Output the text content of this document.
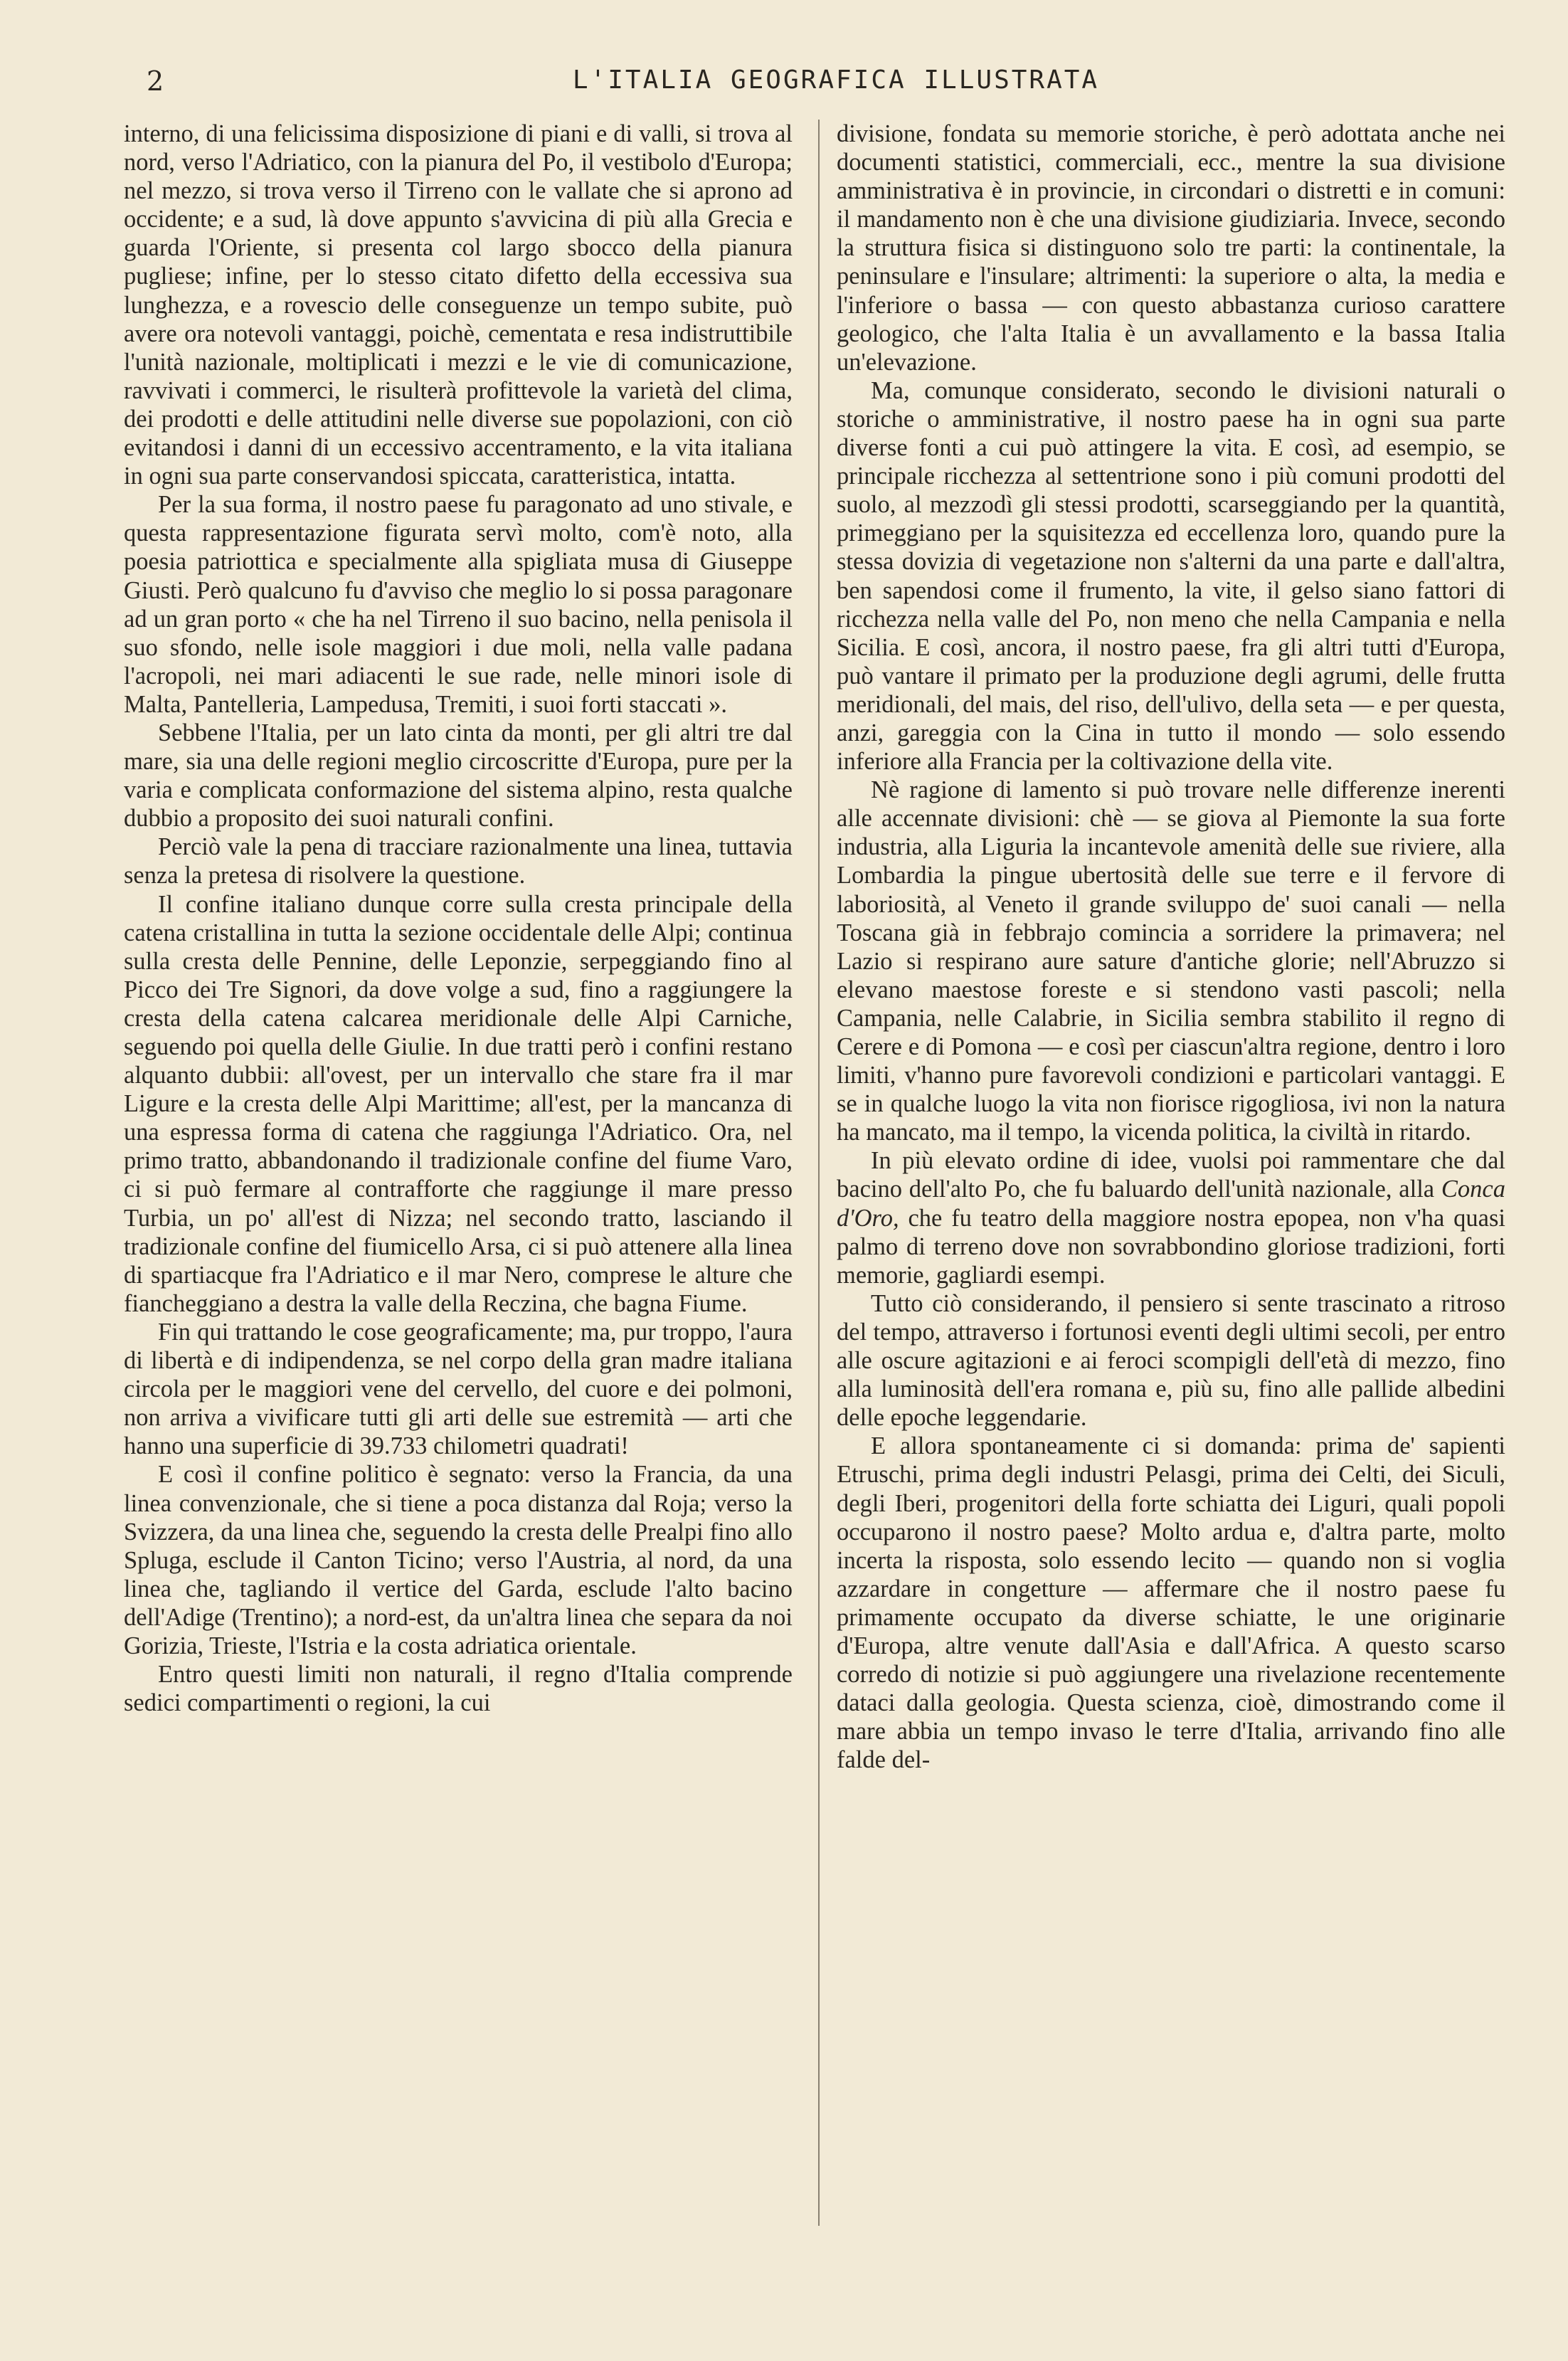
2	L'ITALIA GEOGRAFICA ILLUSTRATA

interno, di una felicissima disposizione di piani e di valli, si trova al nord, verso l'Adriatico, con la pianura del Po, il vestibolo d'Europa; nel mezzo, si trova verso il Tirreno con le vallate che si aprono ad occidente; e a sud, là dove appunto s'avvicina di più alla Grecia e guarda l'Oriente, si presenta col largo sbocco della pianura pugliese; infine, per lo stesso citato difetto della eccessiva sua lunghezza, e a rovescio delle conseguenze un tempo subite, può avere ora notevoli vantaggi, poichè, cementata e resa indistruttibile l'unità nazionale, moltiplicati i mezzi e le vie di comunicazione, ravvivati i commerci, le risulterà profittevole la varietà del clima, dei prodotti e delle attitudini nelle diverse sue popolazioni, con ciò evitandosi i danni di un eccessivo accentramento, e la vita italiana in ogni sua parte conservandosi spiccata, caratteristica, intatta.

Per la sua forma, il nostro paese fu paragonato ad uno stivale, e questa rappresentazione figurata servì molto, com'è noto, alla poesia patriottica e specialmente alla spigliata musa di Giuseppe Giusti. Però qualcuno fu d'avviso che meglio lo si possa paragonare ad un gran porto « che ha nel Tirreno il suo bacino, nella penisola il suo sfondo, nelle isole maggiori i due moli, nella valle padana l'acropoli, nei mari adiacenti le sue rade, nelle minori isole di Malta, Pantelleria, Lampedusa, Tremiti, i suoi forti staccati ».

Sebbene l'Italia, per un lato cinta da monti, per gli altri tre dal mare, sia una delle regioni meglio circoscritte d'Europa, pure per la varia e complicata conformazione del sistema alpino, resta qualche dubbio a proposito dei suoi naturali confini.

Perciò vale la pena di tracciare razionalmente una linea, tuttavia senza la pretesa di risolvere la questione.

Il confine italiano dunque corre sulla cresta principale della catena cristallina in tutta la sezione occidentale delle Alpi; continua sulla cresta delle Pennine, delle Leponzie, serpeggiando fino al Picco dei Tre Signori, da dove volge a sud, fino a raggiungere la cresta della catena calcarea meridionale delle Alpi Carniche, seguendo poi quella delle Giulie. In due tratti però i confini restano alquanto dubbii: all'ovest, per un intervallo che stare fra il mar Ligure e la cresta delle Alpi Marittime; all'est, per la mancanza di una espressa forma di catena che raggiunga l'Adriatico. Ora, nel primo tratto, abbandonando il tradizionale confine del fiume Varo, ci si può fermare al contrafforte che raggiunge il mare presso Turbia, un po' all'est di Nizza; nel secondo tratto, lasciando il tradizionale confine del fiumicello Arsa, ci si può attenere alla linea di spartiacque fra l'Adriatico e il mar Nero, comprese le alture che fiancheggiano a destra la valle della Reczina, che bagna Fiume.

Fin qui trattando le cose geograficamente; ma, pur troppo, l'aura di libertà e di indipendenza, se nel corpo della gran madre italiana circola per le maggiori vene del cervello, del cuore e dei polmoni, non arriva a vivificare tutti gli arti delle sue estremità — arti che hanno una superficie di 39.733 chilometri quadrati!

E così il confine politico è segnato: verso la Francia, da una linea convenzionale, che si tiene a poca distanza dal Roja; verso la Svizzera, da una linea che, seguendo la cresta delle Prealpi fino allo Spluga, esclude il Canton Ticino; verso l'Austria, al nord, da una linea che, tagliando il vertice del Garda, esclude l'alto bacino dell'Adige (Trentino); a nord-est, da un'altra linea che separa da noi Gorizia, Trieste, l'Istria e la costa adriatica orientale.

Entro questi limiti non naturali, il regno d'Italia comprende sedici compartimenti o regioni, la cui

divisione, fondata su memorie storiche, è però adottata anche nei documenti statistici, commerciali, ecc., mentre la sua divisione amministrativa è in provincie, in circondari o distretti e in comuni: il mandamento non è che una divisione giudiziaria. Invece, secondo la struttura fisica si distinguono solo tre parti: la continentale, la peninsulare e l'insulare; altrimenti: la superiore o alta, la media e l'inferiore o bassa — con questo abbastanza curioso carattere geologico, che l'alta Italia è un avvallamento e la bassa Italia un'elevazione.

Ma, comunque considerato, secondo le divisioni naturali o storiche o amministrative, il nostro paese ha in ogni sua parte diverse fonti a cui può attingere la vita. E così, ad esempio, se principale ricchezza al settentrione sono i più comuni prodotti del suolo, al mezzodì gli stessi prodotti, scarseggiando per la quantità, primeggiano per la squisitezza ed eccellenza loro, quando pure la stessa dovizia di vegetazione non s'alterni da una parte e dall'altra, ben sapendosi come il frumento, la vite, il gelso siano fattori di ricchezza nella valle del Po, non meno che nella Campania e nella Sicilia. E così, ancora, il nostro paese, fra gli altri tutti d'Europa, può vantare il primato per la produzione degli agrumi, delle frutta meridionali, del mais, del riso, dell'ulivo, della seta — e per questa, anzi, gareggia con la Cina in tutto il mondo — solo essendo inferiore alla Francia per la coltivazione della vite.

Nè ragione di lamento si può trovare nelle differenze inerenti alle accennate divisioni: chè — se giova al Piemonte la sua forte industria, alla Liguria la incantevole amenità delle sue riviere, alla Lombardia la pingue ubertosità delle sue terre e il fervore di laboriosità, al Veneto il grande sviluppo de' suoi canali — nella Toscana già in febbrajo comincia a sorridere la primavera; nel Lazio si respirano aure sature d'antiche glorie; nell'Abruzzo si elevano maestose foreste e si stendono vasti pascoli; nella Campania, nelle Calabrie, in Sicilia sembra stabilito il regno di Cerere e di Pomona — e così per ciascun'altra regione, dentro i loro limiti, v'hanno pure favorevoli condizioni e particolari vantaggi. E se in qualche luogo la vita non fiorisce rigogliosa, ivi non la natura ha mancato, ma il tempo, la vicenda politica, la civiltà in ritardo.

In più elevato ordine di idee, vuolsi poi rammentare che dal bacino dell'alto Po, che fu baluardo dell'unità nazionale, alla Conca d'Oro, che fu teatro della maggiore nostra epopea, non v'ha quasi palmo di terreno dove non sovrabbondino gloriose tradizioni, forti memorie, gagliardi esempi.

Tutto ciò considerando, il pensiero si sente trascinato a ritroso del tempo, attraverso i fortunosi eventi degli ultimi secoli, per entro alle oscure agitazioni e ai feroci scompigli dell'età di mezzo, fino alla luminosità dell'era romana e, più su, fino alle pallide albedini delle epoche leggendarie.

E allora spontaneamente ci si domanda: prima de' sapienti Etruschi, prima degli industri Pelasgi, prima dei Celti, dei Siculi, degli Iberi, progenitori della forte schiatta dei Liguri, quali popoli occuparono il nostro paese? Molto ardua e, d'altra parte, molto incerta la risposta, solo essendo lecito — quando non si voglia azzardare in congetture — affermare che il nostro paese fu primamente occupato da diverse schiatte, le une originarie d'Europa, altre venute dall'Asia e dall'Africa. A questo scarso corredo di notizie si può aggiungere una rivelazione recentemente dataci dalla geologia. Questa scienza, cioè, dimostrando come il mare abbia un tempo invaso le terre d'Italia, arrivando fino alle falde del-
